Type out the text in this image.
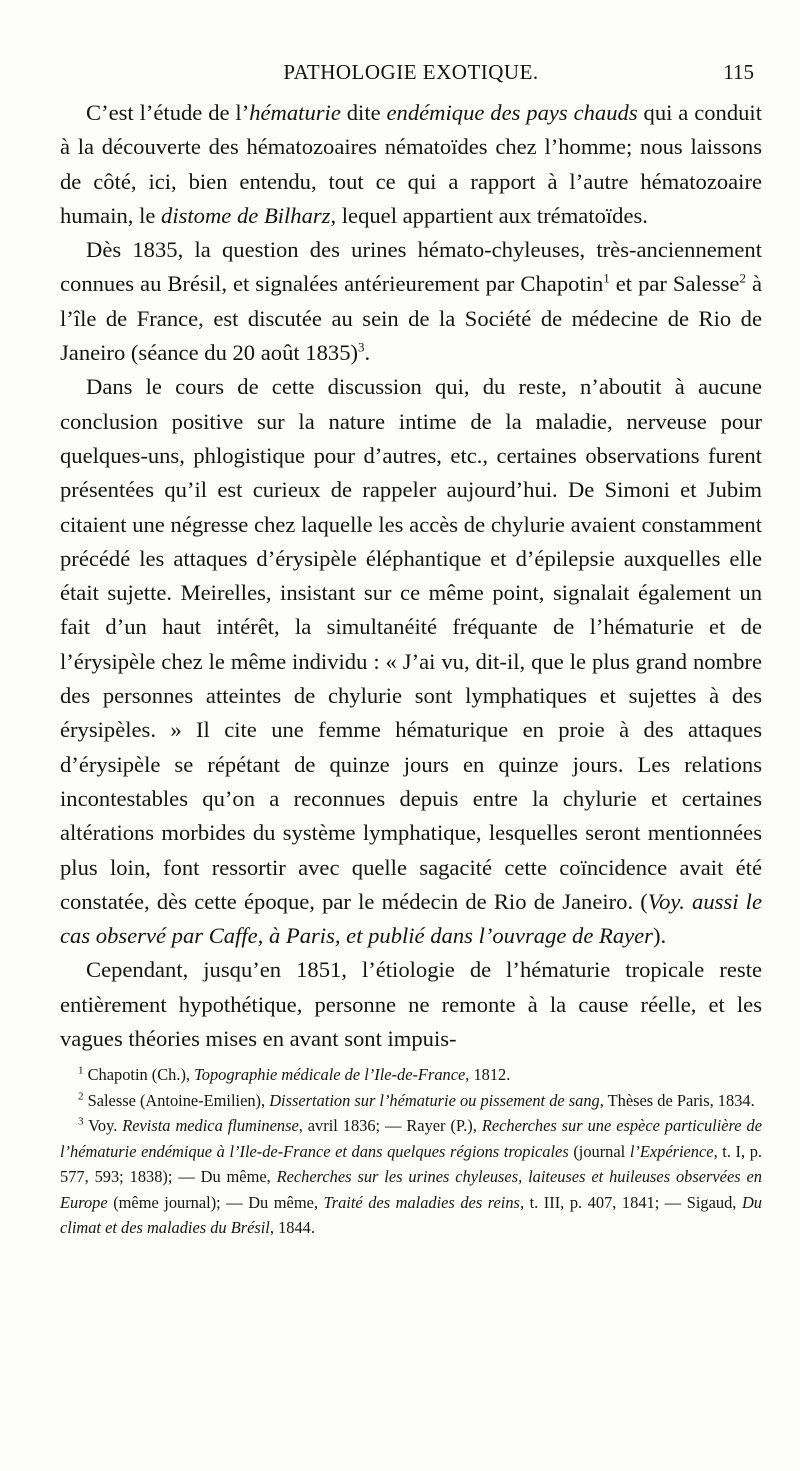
PATHOLOGIE EXOTIQUE.	115

C’est l’étude de l’hématurie dite endémique des pays chauds qui a conduit à la découverte des hématozoaires nématoïdes chez l’homme; nous laissons de côté, ici, bien entendu, tout ce qui a rapport à l’autre hématozoaire humain, le distome de Bilharz, lequel appartient aux trématoïdes.

Dès 1835, la question des urines hémato-chyleuses, très-anciennement connues au Brésil, et signalées antérieurement par Chapotin$^1$ et par Salesse$^2$ à l’île de France, est discutée au sein de la Société de médecine de Rio de Janeiro (séance du 20 août 1835)$^3$.

Dans le cours de cette discussion qui, du reste, n’aboutit à aucune conclusion positive sur la nature intime de la maladie, nerveuse pour quelques-uns, phlogistique pour d’autres, etc., certaines observations furent présentées qu’il est curieux de rappeler aujourd’hui. De Simoni et Jubim citaient une négresse chez laquelle les accès de chylurie avaient constamment précédé les attaques d’érysipèle éléphantique et d’épilepsie auxquelles elle était sujette. Meirelles, insistant sur ce même point, signalait également un fait d’un haut intérêt, la simultanéité fréquante de l’hématurie et de l’érysipèle chez le même individu : « J’ai vu, dit-il, que le plus grand nombre des personnes atteintes de chylurie sont lymphatiques et sujettes à des érysipèles. » Il cite une femme hématurique en proie à des attaques d’érysipèle se répétant de quinze jours en quinze jours. Les relations incontestables qu’on a reconnues depuis entre la chylurie et certaines altérations morbides du système lymphatique, lesquelles seront mentionnées plus loin, font ressortir avec quelle sagacité cette coïncidence avait été constatée, dès cette époque, par le médecin de Rio de Janeiro. (Voy. aussi le cas observé par Caffe, à Paris, et publié dans l’ouvrage de Rayer).

Cependant, jusqu’en 1851, l’étiologie de l’hématurie tropicale reste entièrement hypothétique, personne ne remonte à la cause réelle, et les vagues théories mises en avant sont impuis-

$^1$ Chapotin (Ch.), Topographie médicale de l’Ile-de-France, 1812.

$^2$ Salesse (Antoine-Emilien), Dissertation sur l’hématurie ou pissement de sang, Thèses de Paris, 1834.

$^3$ Voy. Revista medica fluminense, avril 1836; — Rayer (P.), Recherches sur une espèce particulière de l’hématurie endémique à l’Ile-de-France et dans quelques régions tropicales (journal l’Expérience, t. I, p. 577, 593; 1838); — Du même, Recherches sur les urines chyleuses, laiteuses et huileuses observées en Europe (même journal); — Du même, Traité des maladies des reins, t. III, p. 407, 1841; — Sigaud, Du climat et des maladies du Brésil, 1844.
